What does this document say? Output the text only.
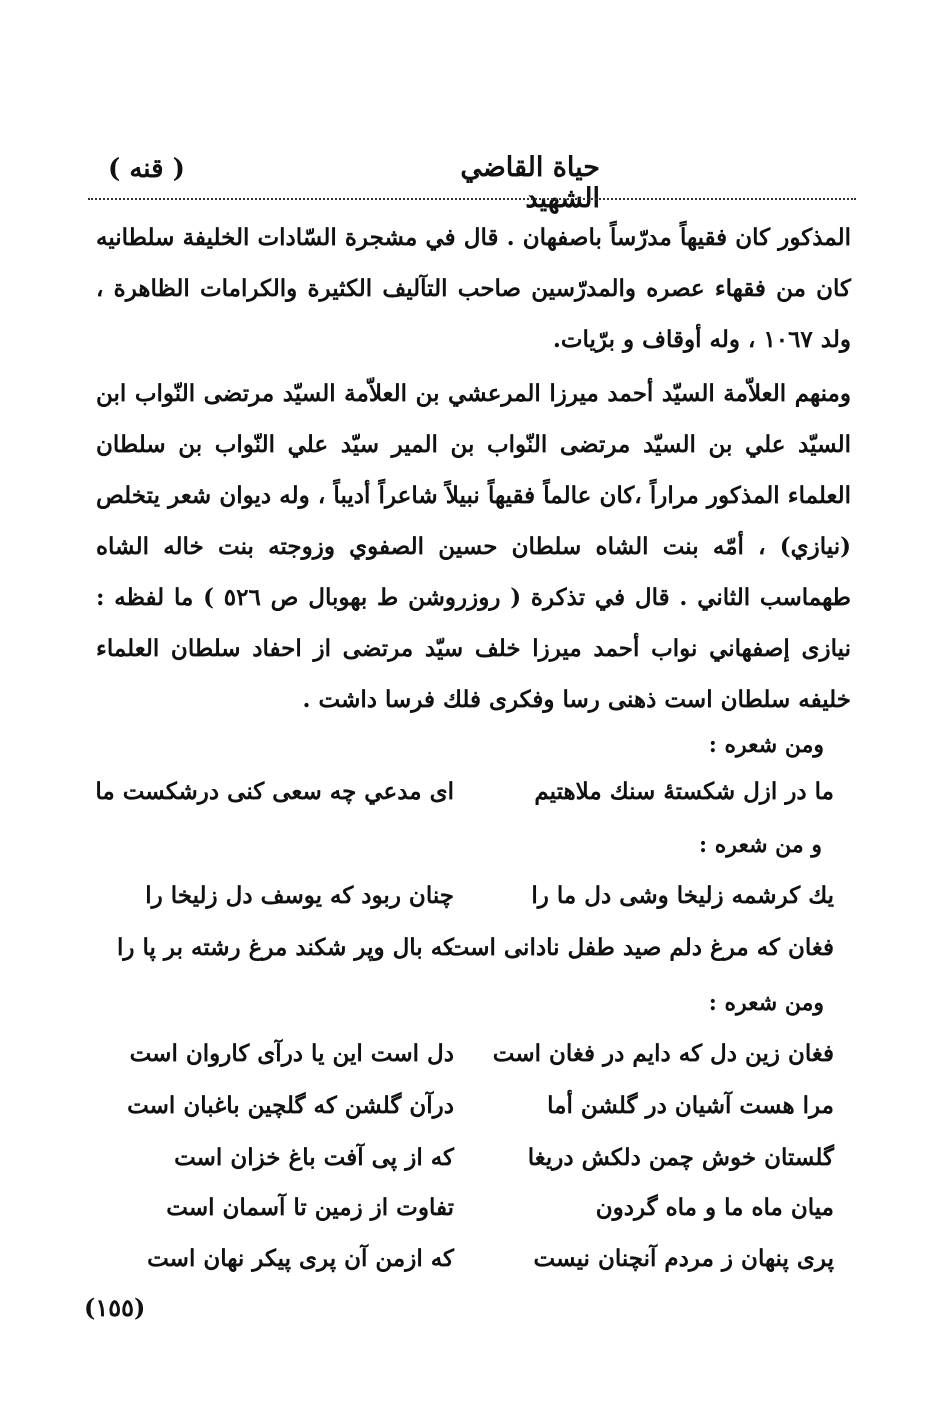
حياة القاضي الشهيد
( قنه )
المذكور كان فقيهاً مدرّساً باصفهان . قال في مشجرة السّادات الخليفة سلطانيه كان من فقهاء عصره والمدرّسين صاحب التآليف الكثيرة والكرامات الظاهرة ، ولد ١٠٦٧ ، وله أوقاف و برّيات.
ومنهم العلاّمة السيّد أحمد ميرزا المرعشي بن العلاّمة السيّد مرتضى النّواب ابن السيّد علي بن السيّد مرتضى النّواب بن المير سيّد علي النّواب بن سلطان العلماء المذكور مراراً ،كان عالماً فقيهاً نبيلاً شاعراً أديباً ، وله ديوان شعر يتخلص (نيازي) ، أمّه بنت الشاه سلطان حسين الصفوي وزوجته بنت خاله الشاه طهماسب الثاني . قال في تذكرة ( روزروشن ط بهوبال ص ٥٢٦ ) ما لفظه : نيازى إصفهاني نواب أحمد ميرزا خلف سيّد مرتضى از احفاد سلطان العلماء خليفه سلطان است ذهنى رسا وفكرى فلك فرسا داشت .
ومن شعره :
ما در ازل شكستهٔ سنك ملاهتيم
اى مدعي چه سعى كنى درشكست ما
و من شعره :
يك كرشمه زليخا وشى دل ما را
چنان ربود كه يوسف دل زليخا را
فغان كه مرغ دلم صيد طفل نادانى است
كه بال وپر شكند مرغ رشته بر پا را
ومن شعره :
فغان زين دل كه دايم در فغان است
دل است اين يا درآى كاروان است
مرا هست آشيان در گلشن أما
درآن گلشن كه گلچين باغبان است
گلستان خوش چمن دلكش دريغا
كه از پى آفت باغ خزان است
ميان ماه ما و ماه گردون
تفاوت از زمين تا آسمان است
پرى پنهان ز مردم آنچنان نيست
كه ازمن آن پرى پيكر نهان است
(١٥٥)
